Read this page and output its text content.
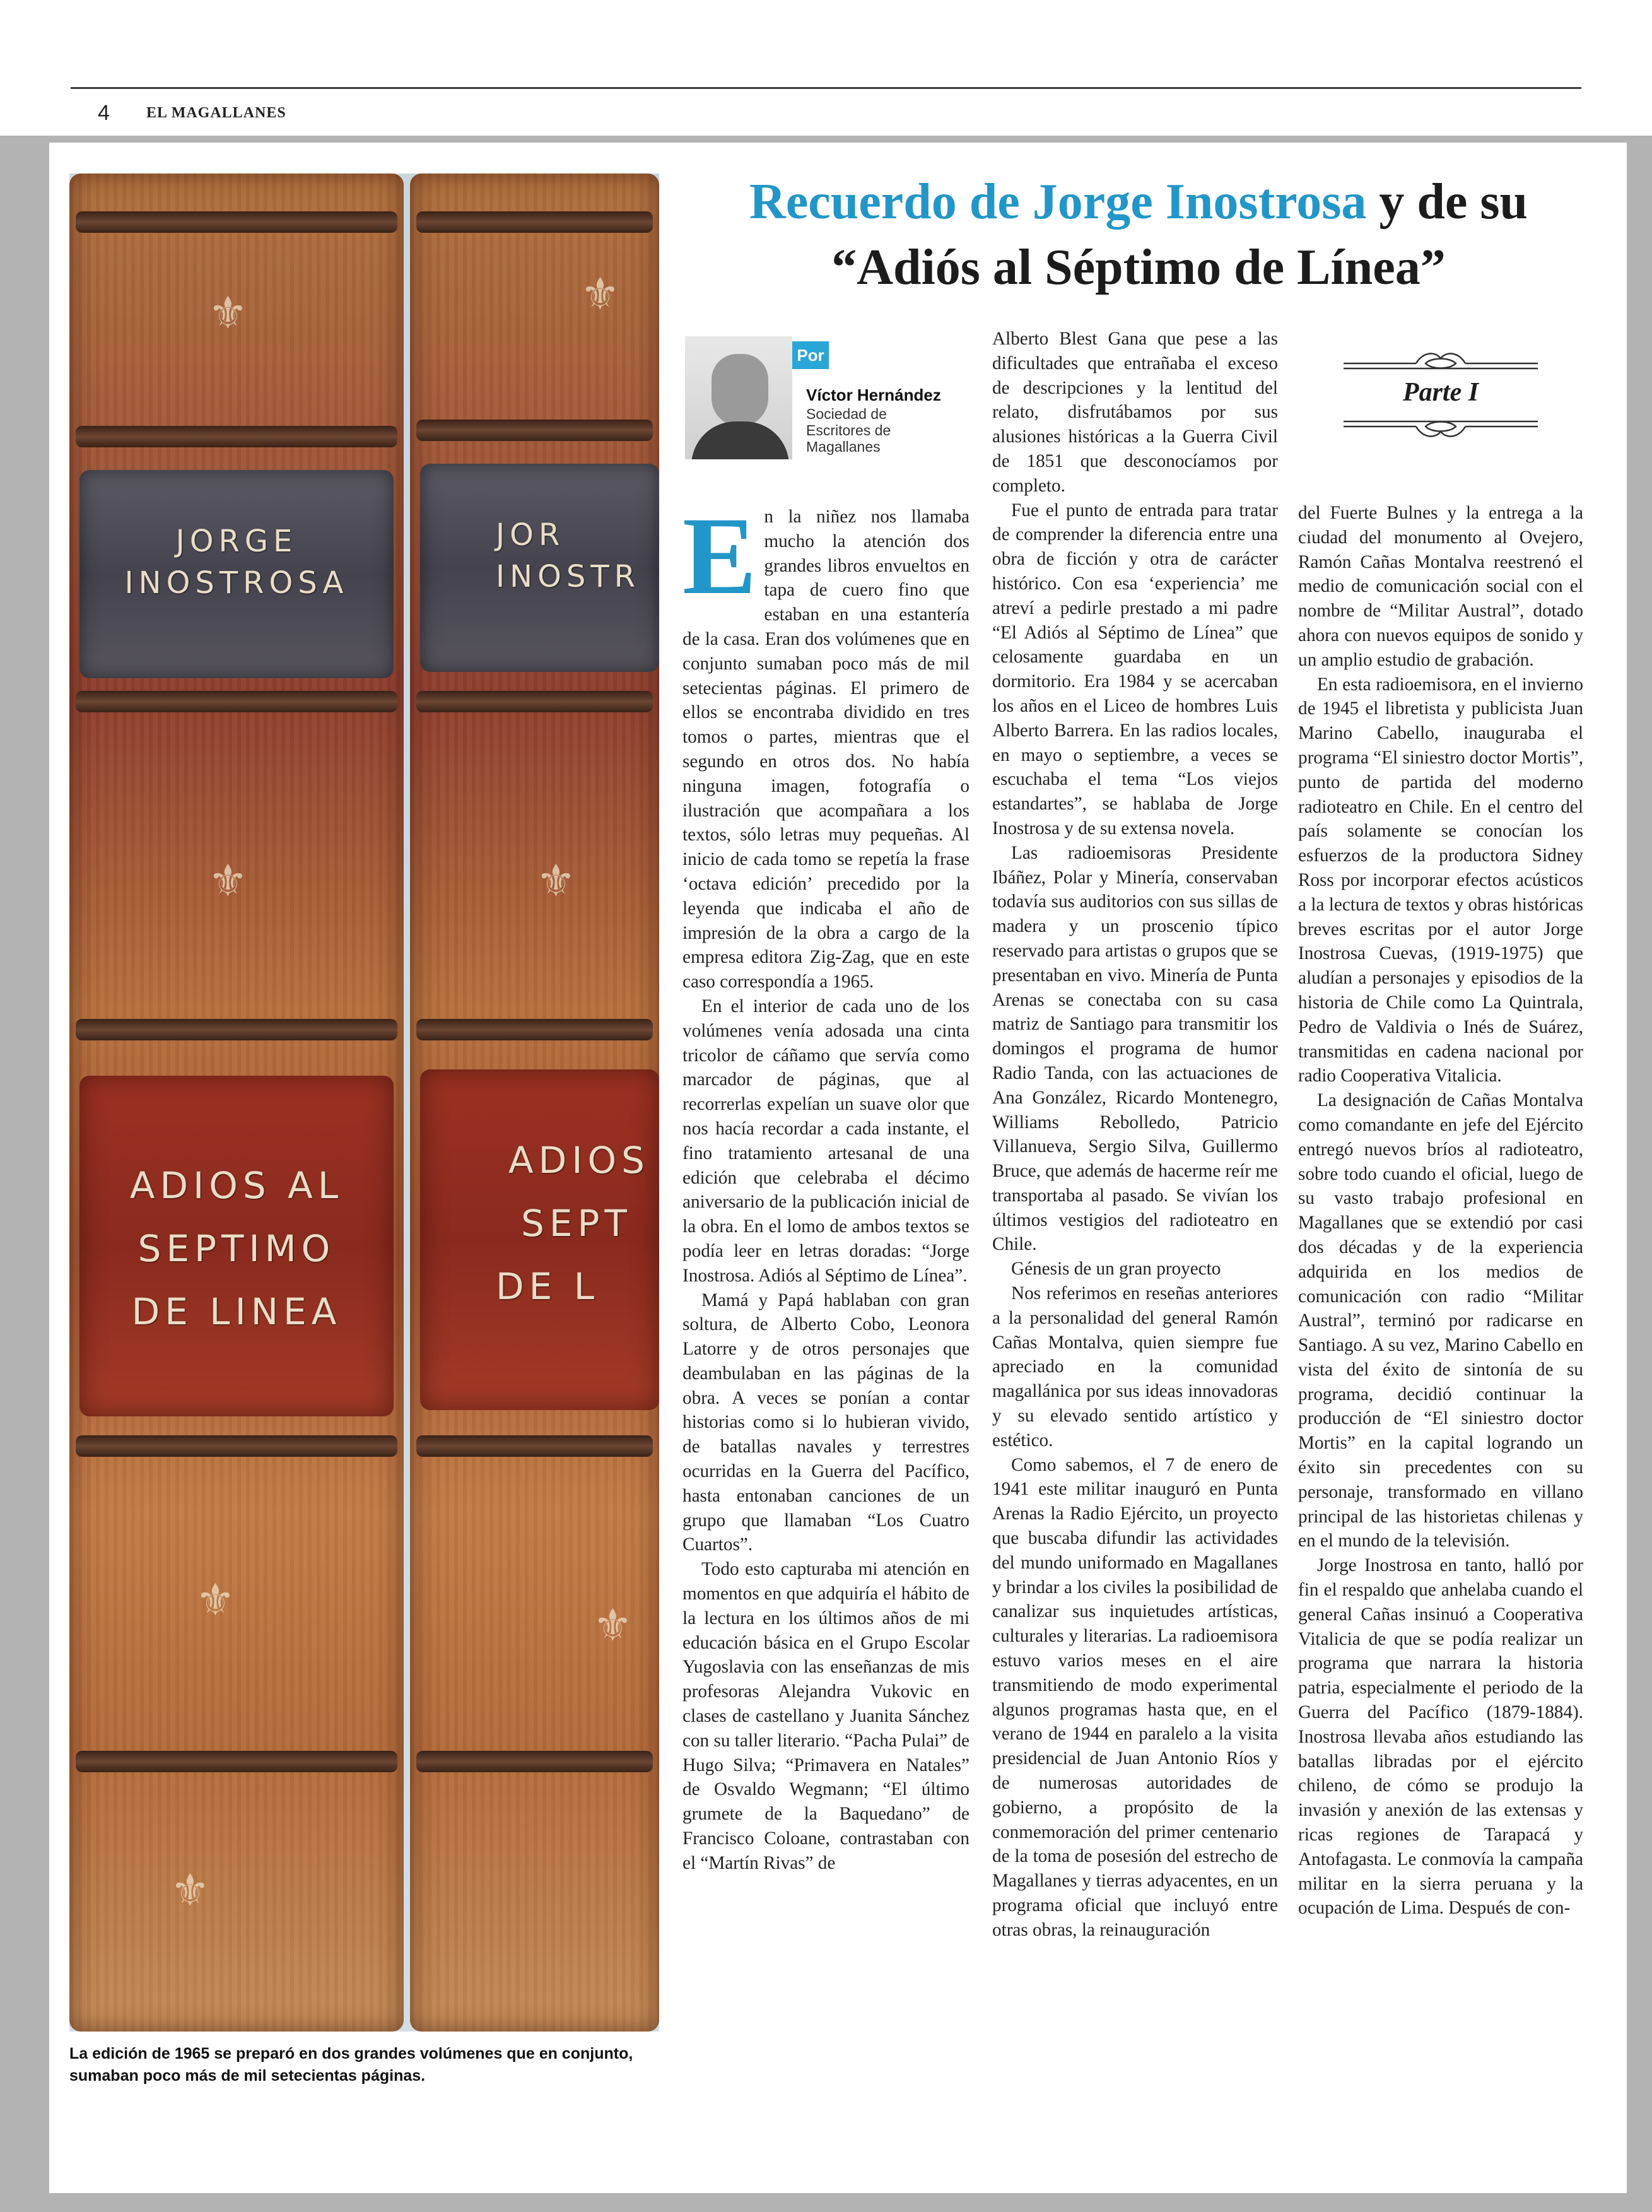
4 EL MAGALLANES
⚜
JORGE INOSTROSA
⚜
ADIOS AL
SEPTIMO
DE LINEA
⚜
⚜
⚜
JOR INOSTR
⚜
ADIOS
SEPT
DE L
⚜
La edición de 1965 se preparó en dos grandes volúmenes que en conjunto, sumaban poco más de mil setecientas páginas.
Recuerdo de Jorge Inostrosa y de su “Adiós al Séptimo de Línea”
Por
Víctor Hernández
Sociedad de Escritores de Magallanes
Parte I

En la niñez nos llamaba mucho la atención dos grandes libros envueltos en tapa de cuero fino que estaban en una estantería de la casa. Eran dos volúmenes que en conjunto sumaban poco más de mil setecientas páginas. El primero de ellos se encontraba dividido en tres tomos o partes, mientras que el segundo en otros dos. No había ninguna imagen, fotografía o ilustración que acompañara a los textos, sólo letras muy pequeñas. Al inicio de cada tomo se repetía la frase ‘octava edición’ precedido por la leyenda que indicaba el año de impresión de la obra a cargo de la empresa editora Zig-Zag, que en este caso correspondía a 1965.

En el interior de cada uno de los volúmenes venía adosada una cinta tricolor de cáñamo que servía como marcador de páginas, que al recorrerlas expelían un suave olor que nos hacía recordar a cada instante, el fino tratamiento artesanal de una edición que celebraba el décimo aniversario de la publicación inicial de la obra. En el lomo de ambos textos se podía leer en letras doradas: “Jorge Inostrosa. Adiós al Séptimo de Línea”.

Mamá y Papá hablaban con gran soltura, de Alberto Cobo, Leonora Latorre y de otros personajes que deambulaban en las páginas de la obra. A veces se ponían a contar historias como si lo hubieran vivido, de batallas navales y terrestres ocurridas en la Guerra del Pacífico, hasta entonaban canciones de un grupo que llamaban “Los Cuatro Cuartos”.

Todo esto capturaba mi atención en momentos en que adquiría el hábito de la lectura en los últimos años de mi educación básica en el Grupo Escolar Yugoslavia con las enseñanzas de mis profesoras Alejandra Vukovic en clases de castellano y Juanita Sánchez con su taller literario. “Pacha Pulai” de Hugo Silva; “Primavera en Natales” de Osvaldo Wegmann; “El último grumete de la Baquedano” de Francisco Coloane, contrastaban con el “Martín Rivas” de

Alberto Blest Gana que pese a las dificultades que entrañaba el exceso de descripciones y la lentitud del relato, disfrutábamos por sus alusiones históricas a la Guerra Civil de 1851 que desconocíamos por completo.

Fue el punto de entrada para tratar de comprender la diferencia entre una obra de ficción y otra de carácter histórico. Con esa ‘experiencia’ me atreví a pedirle prestado a mi padre “El Adiós al Séptimo de Línea” que celosamente guardaba en un dormitorio. Era 1984 y se acercaban los años en el Liceo de hombres Luis Alberto Barrera. En las radios locales, en mayo o septiembre, a veces se escuchaba el tema “Los viejos estandartes”, se hablaba de Jorge Inostrosa y de su extensa novela.

Las radioemisoras Presidente Ibáñez, Polar y Minería, conservaban todavía sus auditorios con sus sillas de madera y un proscenio típico reservado para artistas o grupos que se presentaban en vivo. Minería de Punta Arenas se conectaba con su casa matriz de Santiago para transmitir los domingos el programa de humor Radio Tanda, con las actuaciones de Ana González, Ricardo Montenegro, Williams Rebolledo, Patricio Villanueva, Sergio Silva, Guillermo Bruce, que además de hacerme reír me transportaba al pasado. Se vivían los últimos vestigios del radioteatro en Chile.

Génesis de un gran proyecto

Nos referimos en reseñas anteriores a la personalidad del general Ramón Cañas Montalva, quien siempre fue apreciado en la comunidad magallánica por sus ideas innovadoras y su elevado sentido artístico y estético.

Como sabemos, el 7 de enero de 1941 este militar inauguró en Punta Arenas la Radio Ejército, un proyecto que buscaba difundir las actividades del mundo uniformado en Magallanes y brindar a los civiles la posibilidad de canalizar sus inquietudes artísticas, culturales y literarias. La radioemisora estuvo varios meses en el aire transmitiendo de modo experimental algunos programas hasta que, en el verano de 1944 en paralelo a la visita presidencial de Juan Antonio Ríos y de numerosas autoridades de gobierno, a propósito de la conmemoración del primer centenario de la toma de posesión del estrecho de Magallanes y tierras adyacentes, en un programa oficial que incluyó entre otras obras, la reinauguración

del Fuerte Bulnes y la entrega a la ciudad del monumento al Ovejero, Ramón Cañas Montalva reestrenó el medio de comunicación social con el nombre de “Militar Austral”, dotado ahora con nuevos equipos de sonido y un amplio estudio de grabación.

En esta radioemisora, en el invierno de 1945 el libretista y publicista Juan Marino Cabello, inauguraba el programa “El siniestro doctor Mortis”, punto de partida del moderno radioteatro en Chile. En el centro del país solamente se conocían los esfuerzos de la productora Sidney Ross por incorporar efectos acústicos a la lectura de textos y obras históricas breves escritas por el autor Jorge Inostrosa Cuevas, (1919-1975) que aludían a personajes y episodios de la historia de Chile como La Quintrala, Pedro de Valdivia o Inés de Suárez, transmitidas en cadena nacional por radio Cooperativa Vitalicia.

La designación de Cañas Montalva como comandante en jefe del Ejército entregó nuevos bríos al radioteatro, sobre todo cuando el oficial, luego de su vasto trabajo profesional en Magallanes que se extendió por casi dos décadas y de la experiencia adquirida en los medios de comunicación con radio “Militar Austral”, terminó por radicarse en Santiago. A su vez, Marino Cabello en vista del éxito de sintonía de su programa, decidió continuar la producción de “El siniestro doctor Mortis” en la capital logrando un éxito sin precedentes con su personaje, transformado en villano principal de las historietas chilenas y en el mundo de la televisión.

Jorge Inostrosa en tanto, halló por fin el respaldo que anhelaba cuando el general Cañas insinuó a Cooperativa Vitalicia de que se podía realizar un programa que narrara la historia patria, especialmente el periodo de la Guerra del Pacífico (1879-1884). Inostrosa llevaba años estudiando las batallas libradas por el ejército chileno, de cómo se produjo la invasión y anexión de las extensas y ricas regiones de Tarapacá y Antofagasta. Le conmovía la campaña militar en la sierra peruana y la ocupación de Lima. Después de con-
